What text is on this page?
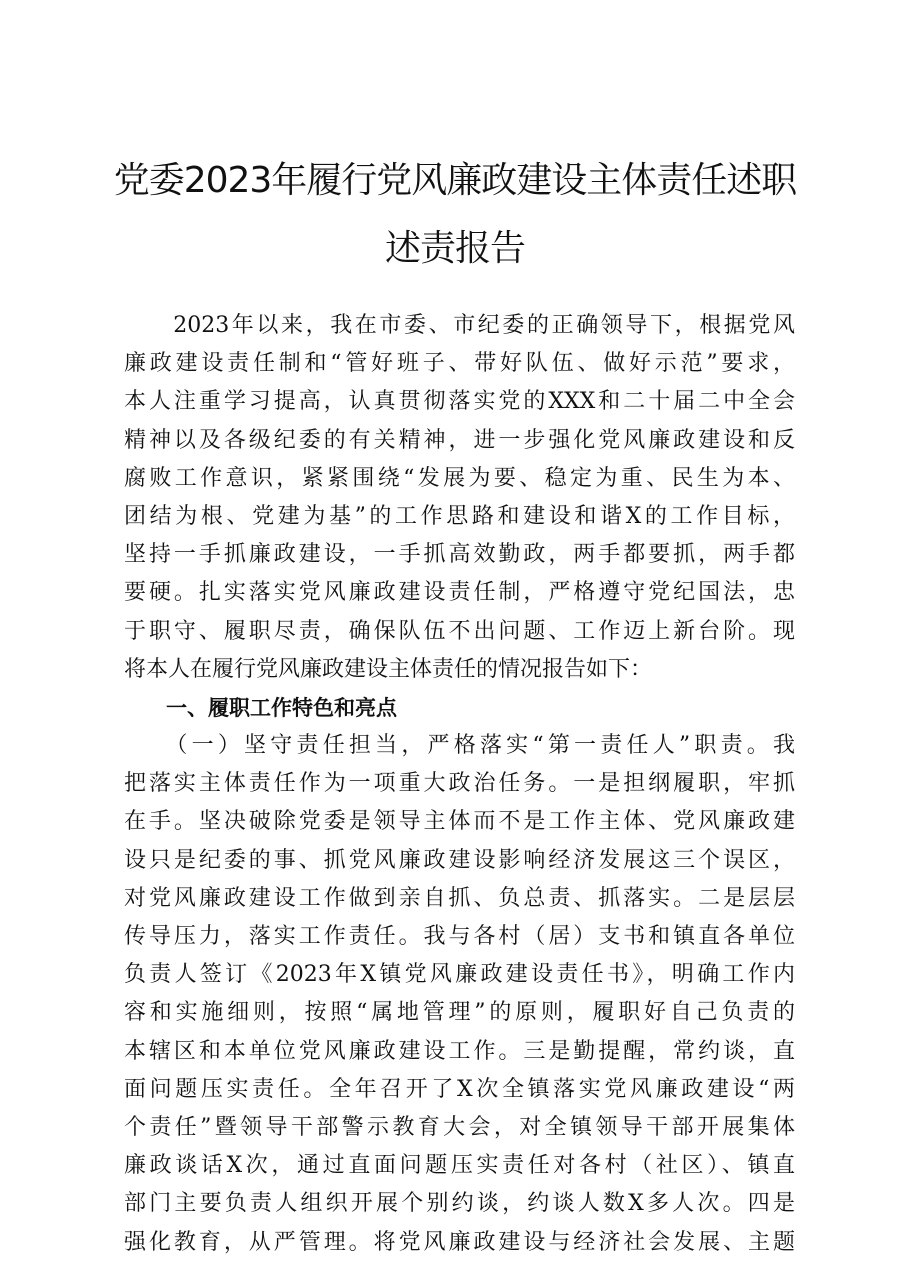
党委2023年履行党风廉政建设主体责任述职
述责报告
　　2023年以来，我在市委、市纪委的正确领导下，根据党风
廉政建设责任制和“管好班子、带好队伍、做好示范”要求，
本人注重学习提高，认真贯彻落实党的XXX和二十届二中全会
精神以及各级纪委的有关精神，进一步强化党风廉政建设和反
腐败工作意识，紧紧围绕“发展为要、稳定为重、民生为本、
团结为根、党建为基”的工作思路和建设和谐X的工作目标，
坚持一手抓廉政建设，一手抓高效勤政，两手都要抓，两手都
要硬。扎实落实党风廉政建设责任制，严格遵守党纪国法，忠
于职守、履职尽责，确保队伍不出问题、工作迈上新台阶。现
将本人在履行党风廉政建设主体责任的情况报告如下：
　　一、履职工作特色和亮点
　　（一）坚守责任担当，严格落实“第一责任人”职责。我
把落实主体责任作为一项重大政治任务。一是担纲履职，牢抓
在手。坚决破除党委是领导主体而不是工作主体、党风廉政建
设只是纪委的事、抓党风廉政建设影响经济发展这三个误区，
对党风廉政建设工作做到亲自抓、负总责、抓落实。二是层层
传导压力，落实工作责任。我与各村（居）支书和镇直各单位
负责人签订《2023年X镇党风廉政建设责任书》，明确工作内
容和实施细则，按照“属地管理”的原则，履职好自己负责的
本辖区和本单位党风廉政建设工作。三是勤提醒，常约谈，直
面问题压实责任。全年召开了X次全镇落实党风廉政建设“两
个责任”暨领导干部警示教育大会，对全镇领导干部开展集体
廉政谈话X次，通过直面问题压实责任对各村（社区）、镇直
部门主要负责人组织开展个别约谈，约谈人数X多人次。四是
强化教育，从严管理。将党风廉政建设与经济社会发展、主题
